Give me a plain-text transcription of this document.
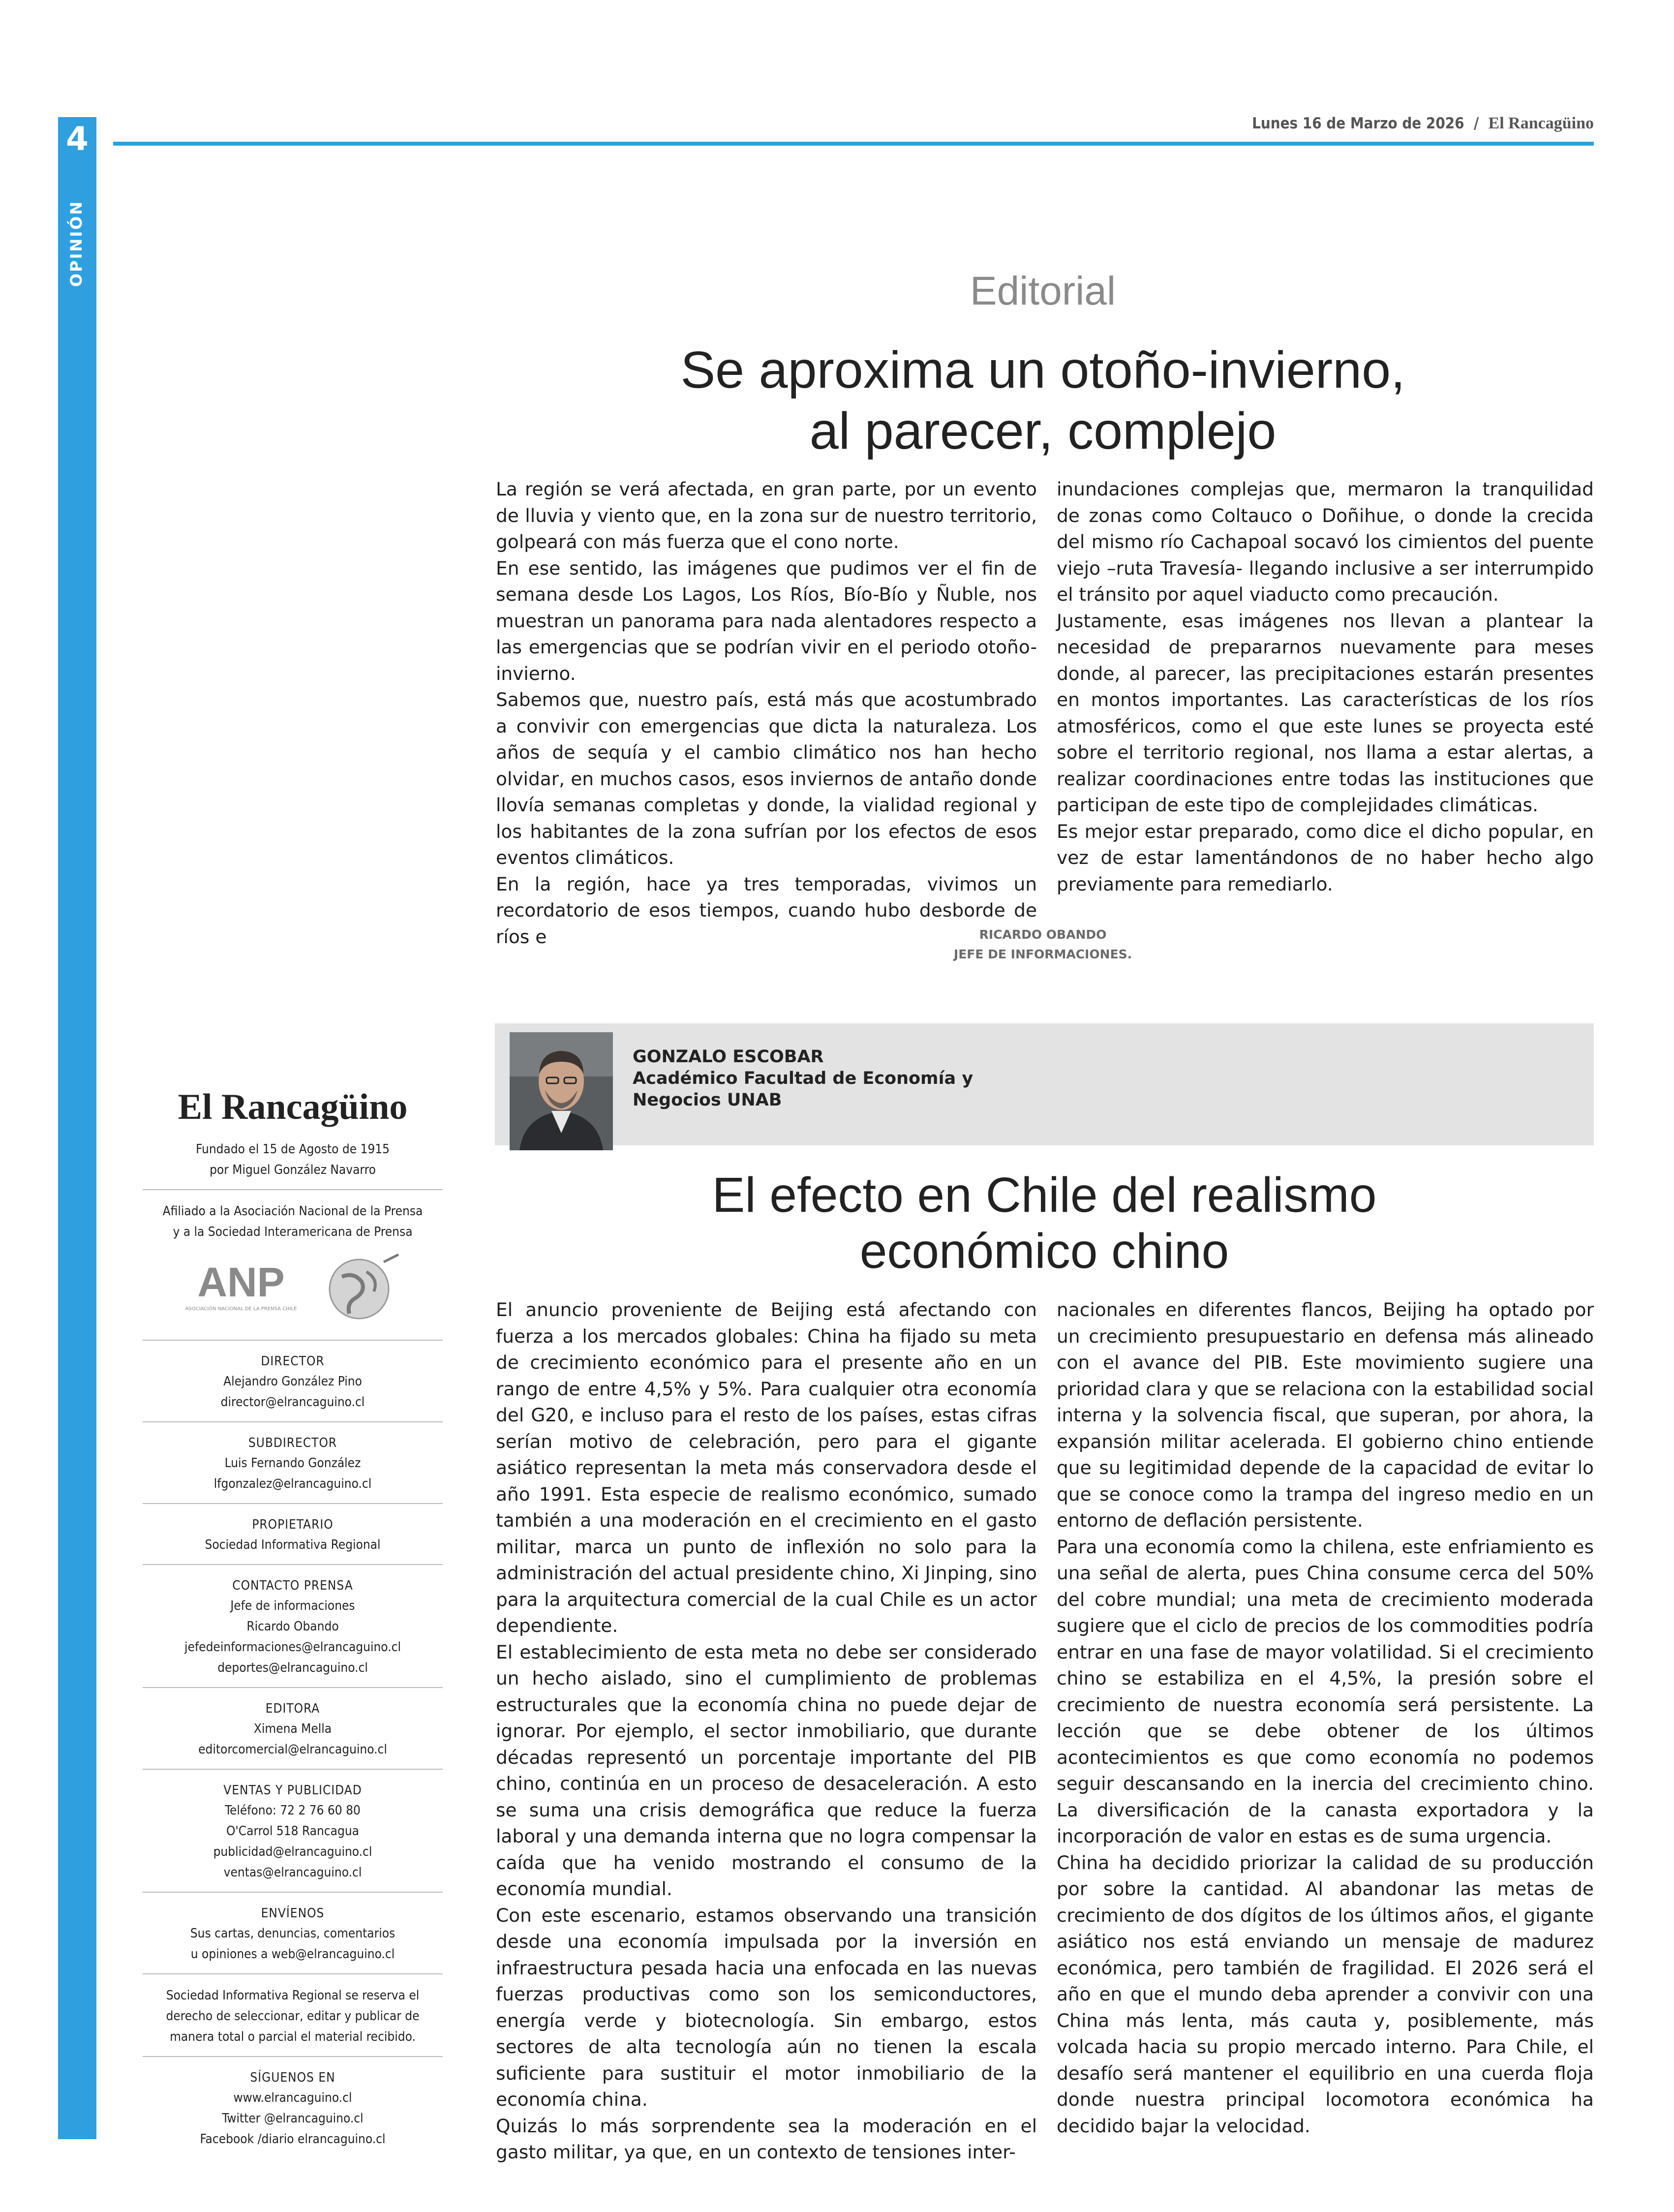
4
OPINIÓN
Lunes 16 de Marzo de 2026 / El Rancagüino
Editorial
Se aproxima un otoño-invierno,
al parecer, complejo

La región se verá afectada, en gran parte, por un evento de lluvia y viento que, en la zona sur de nuestro territorio, golpeará con más fuerza que el cono norte.

En ese sentido, las imágenes que pudimos ver el fin de semana desde Los Lagos, Los Ríos, Bío-Bío y Ñuble, nos muestran un panorama para nada alentadores respecto a las emergencias que se podrían vivir en el periodo otoño-invierno.

Sabemos que, nuestro país, está más que acostumbrado a convivir con emergencias que dicta la naturaleza. Los años de sequía y el cambio climático nos han hecho olvidar, en muchos casos, esos inviernos de antaño donde llovía semanas completas y donde, la vialidad regional y los habitantes de la zona sufrían por los efectos de esos eventos climáticos.

En la región, hace ya tres temporadas, vivimos un recordatorio de esos tiempos, cuando hubo desborde de ríos e

inundaciones complejas que, mermaron la tranquilidad de zonas como Coltauco o Doñihue, o donde la crecida del mismo río Cachapoal socavó los cimientos del puente viejo –ruta Travesía- llegando inclusive a ser interrumpido el tránsito por aquel viaducto como precaución.

Justamente, esas imágenes nos llevan a plantear la necesidad de prepararnos nuevamente para meses donde, al parecer, las precipitaciones estarán presentes en montos importantes. Las características de los ríos atmosféricos, como el que este lunes se proyecta esté sobre el territorio regional, nos llama a estar alertas, a realizar coordinaciones entre todas las instituciones que participan de este tipo de complejidades climáticas.

Es mejor estar preparado, como dice el dicho popular, en vez de estar lamentándonos de no haber hecho algo previamente para remediarlo.

RICARDO OBANDO
JEFE DE INFORMACIONES.
GONZALO ESCOBAR
Académico Facultad de Economía y Negocios UNAB
El efecto en Chile del realismo
económico chino

El anuncio proveniente de Beijing está afectando con fuerza a los mercados globales: China ha fijado su meta de crecimiento económico para el presente año en un rango de entre 4,5% y 5%. Para cualquier otra economía del G20, e incluso para el resto de los países, estas cifras serían motivo de celebración, pero para el gigante asiático representan la meta más conservadora desde el año 1991. Esta especie de realismo económico, sumado también a una moderación en el crecimiento en el gasto militar, marca un punto de inflexión no solo para la administración del actual presidente chino, Xi Jinping, sino para la arquitectura comercial de la cual Chile es un actor dependiente.

El establecimiento de esta meta no debe ser considerado un hecho aislado, sino el cumplimiento de problemas estructurales que la economía china no puede dejar de ignorar. Por ejemplo, el sector inmobiliario, que durante décadas representó un porcentaje importante del PIB chino, continúa en un proceso de desaceleración. A esto se suma una crisis demográfica que reduce la fuerza laboral y una demanda interna que no logra compensar la caída que ha venido mostrando el consumo de la economía mundial.

Con este escenario, estamos observando una transición desde una economía impulsada por la inversión en infraestructura pesada hacia una enfocada en las nuevas fuerzas productivas como son los semiconductores, energía verde y biotecnología. Sin embargo, estos sectores de alta tecnología aún no tienen la escala suficiente para sustituir el motor inmobiliario de la economía china.

Quizás lo más sorprendente sea la moderación en el gasto militar, ya que, en un contexto de tensiones inter-

nacionales en diferentes flancos, Beijing ha optado por un crecimiento presupuestario en defensa más alineado con el avance del PIB. Este movimiento sugiere una prioridad clara y que se relaciona con la estabilidad social interna y la solvencia fiscal, que superan, por ahora, la expansión militar acelerada. El gobierno chino entiende que su legitimidad depende de la capacidad de evitar lo que se conoce como la trampa del ingreso medio en un entorno de deflación persistente.

Para una economía como la chilena, este enfriamiento es una señal de alerta, pues China consume cerca del 50% del cobre mundial; una meta de crecimiento moderada sugiere que el ciclo de precios de los commodities podría entrar en una fase de mayor volatilidad. Si el crecimiento chino se estabiliza en el 4,5%, la presión sobre el crecimiento de nuestra economía será persistente. La lección que se debe obtener de los últimos acontecimientos es que como economía no podemos seguir descansando en la inercia del crecimiento chino. La diversificación de la canasta exportadora y la incorporación de valor en estas es de suma urgencia.

China ha decidido priorizar la calidad de su producción por sobre la cantidad. Al abandonar las metas de crecimiento de dos dígitos de los últimos años, el gigante asiático nos está enviando un mensaje de madurez económica, pero también de fragilidad. El 2026 será el año en que el mundo deba aprender a convivir con una China más lenta, más cauta y, posiblemente, más volcada hacia su propio mercado interno. Para Chile, el desafío será mantener el equilibrio en una cuerda floja donde nuestra principal locomotora económica ha decidido bajar la velocidad.

El Rancagüino
Fundado el 15 de Agosto de 1915
por Miguel González Navarro
Afiliado a la Asociación Nacional de la Prensa
y a la Sociedad Interamericana de Prensa
ANP
ASOCIACIÓN NACIONAL DE LA PRENSA CHILE
DIRECTOR
Alejandro González Pino
director@elrancaguino.cl
SUBDIRECTOR
Luis Fernando González
lfgonzalez@elrancaguino.cl
PROPIETARIO
Sociedad Informativa Regional
CONTACTO PRENSA
Jefe de informaciones
Ricardo Obando
jefedeinformaciones@elrancaguino.cl
deportes@elrancaguino.cl
EDITORA
Ximena Mella
editorcomercial@elrancaguino.cl
VENTAS Y PUBLICIDAD
Teléfono: 72 2 76 60 80
O'Carrol 518 Rancagua
publicidad@elrancaguino.cl
ventas@elrancaguino.cl
ENVÍENOS
Sus cartas, denuncias, comentarios
u opiniones a web@elrancaguino.cl
Sociedad Informativa Regional se reserva el
derecho de seleccionar, editar y publicar de
manera total o parcial el material recibido.
SÍGUENOS EN
www.elrancaguino.cl
Twitter @elrancaguino.cl
Facebook /diario elrancaguino.cl
